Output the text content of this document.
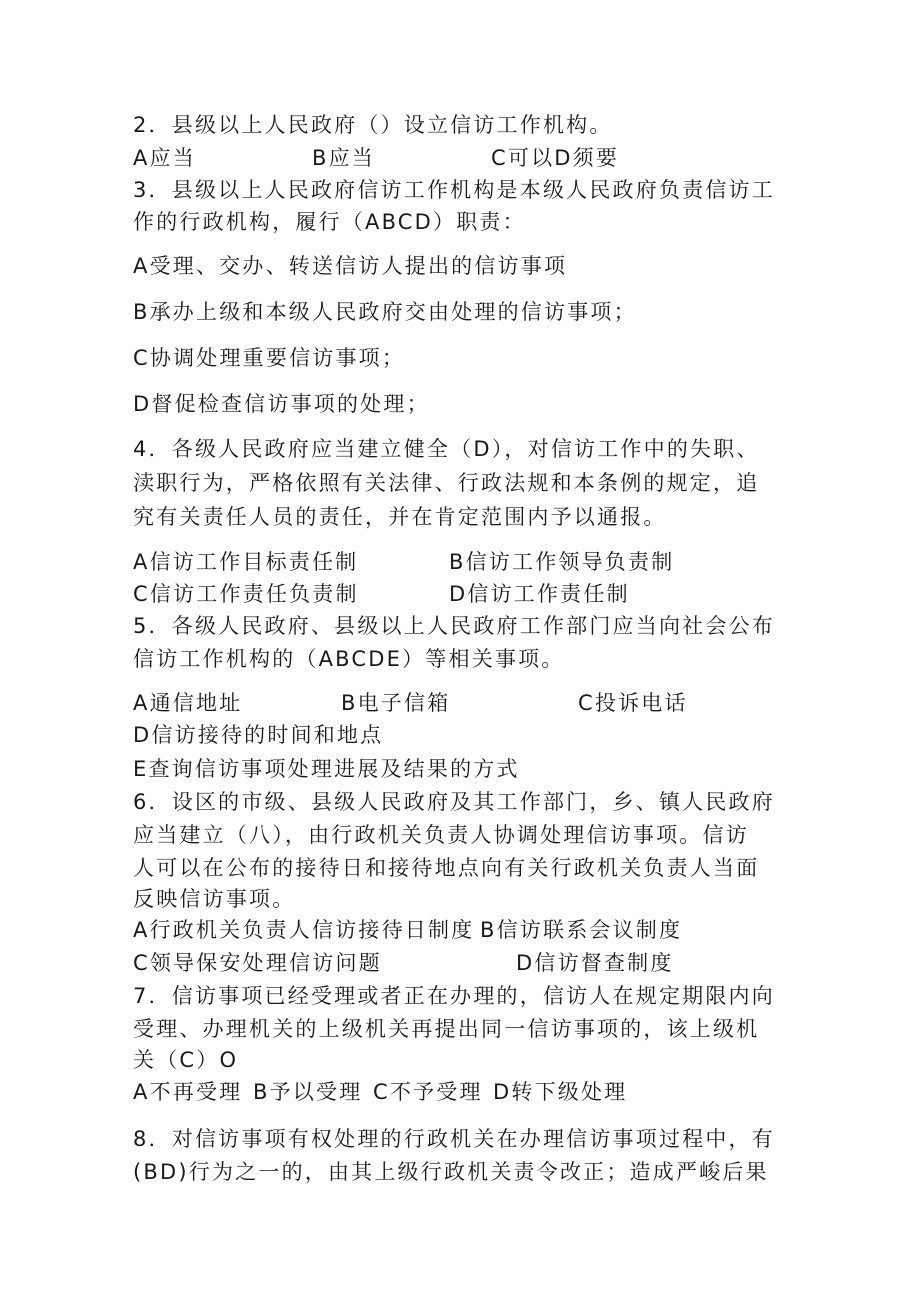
2．县级以上人民政府（）设立信访工作机构。
A应当	B应当	C可以D须要
3．县级以上人民政府信访工作机构是本级人民政府负责信访工
作的行政机构，履行（ABCD）职责：
A受理、交办、转送信访人提出的信访事项
B承办上级和本级人民政府交由处理的信访事项；
C协调处理重要信访事项；
D督促检查信访事项的处理；
4．各级人民政府应当建立健全（D），对信访工作中的失职、
渎职行为，严格依照有关法律、行政法规和本条例的规定，追
究有关责任人员的责任，并在肯定范围内予以通报。
A信访工作目标责任制	B信访工作领导负责制
C信访工作责任负责制	D信访工作责任制
5．各级人民政府、县级以上人民政府工作部门应当向社会公布
信访工作机构的（ABCDE）等相关事项。
A通信地址	B电子信箱	C投诉电话
D信访接待的时间和地点
E查询信访事项处理进展及结果的方式
6．设区的市级、县级人民政府及其工作部门，乡、镇人民政府
应当建立（八），由行政机关负责人协调处理信访事项。信访
人可以在公布的接待日和接待地点向有关行政机关负责人当面
反映信访事项。
A行政机关负责人信访接待日制度 B信访联系会议制度
C领导保安处理信访问题	D信访督查制度
7．信访事项已经受理或者正在办理的，信访人在规定期限内向
受理、办理机关的上级机关再提出同一信访事项的，该上级机
关（C）O
A不再受理 B予以受理 C不予受理 D转下级处理
8．对信访事项有权处理的行政机关在办理信访事项过程中，有
(BD)行为之一的，由其上级行政机关责令改正；造成严峻后果
